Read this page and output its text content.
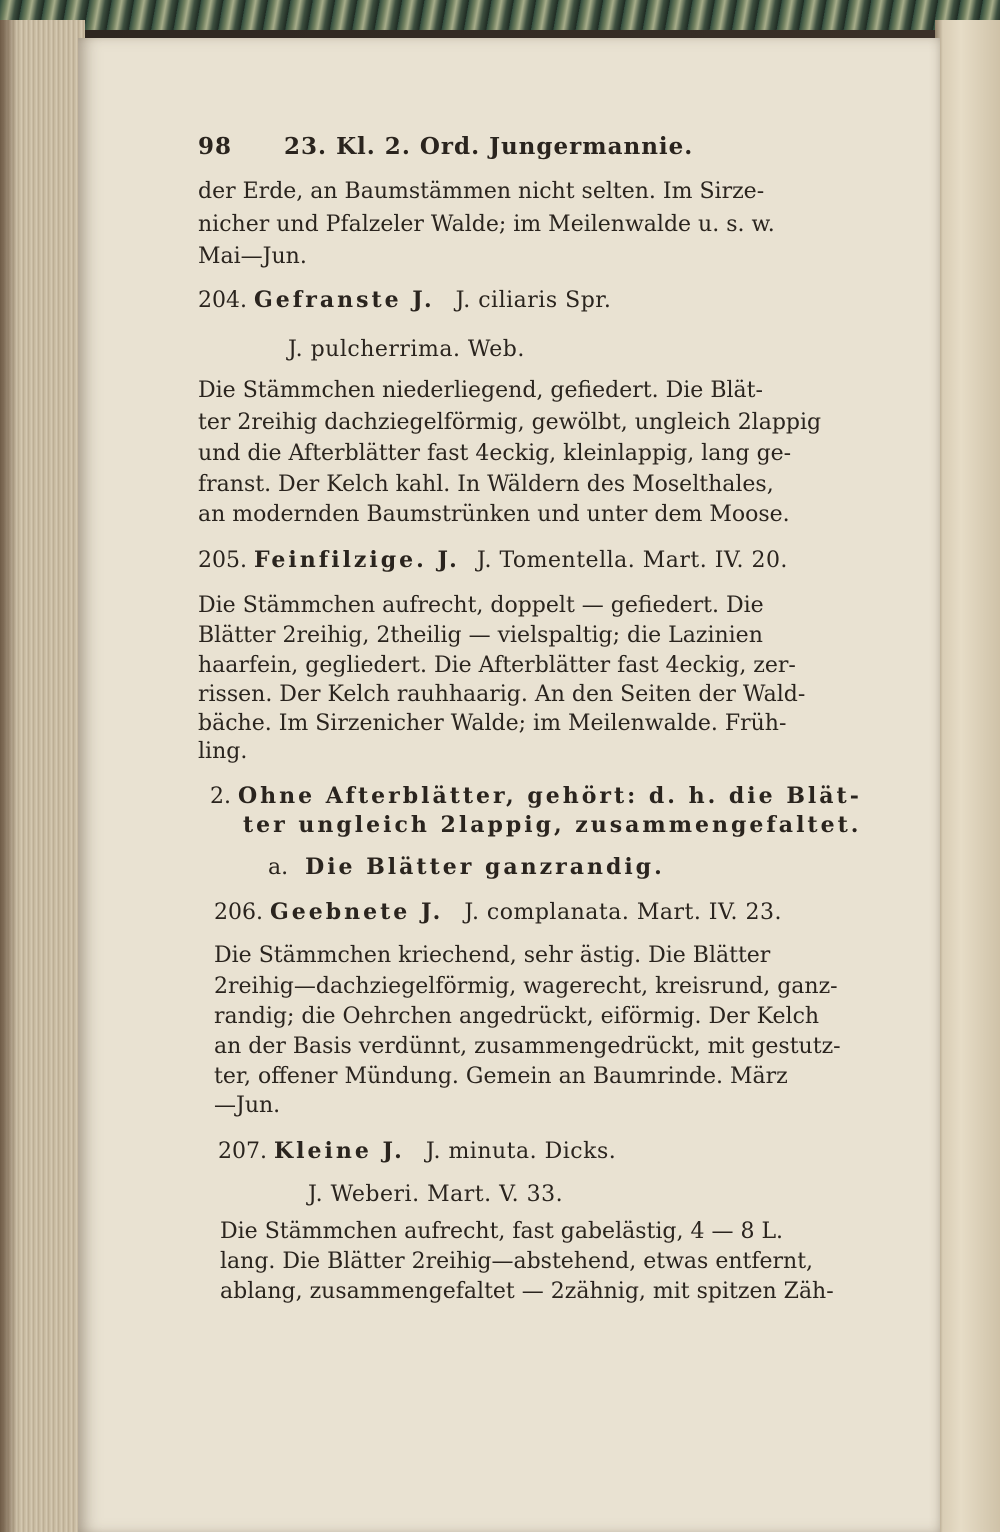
98 23. Kl. 2. Ord. Jungermannie.
der Erde, an Baumstämmen nicht selten. Im Sirze-
nicher und Pfalzeler Walde; im Meilenwalde u. s. w.
Mai—Jun.
204. Gefranste J. J. ciliaris Spr.
J. pulcherrima. Web.
Die Stämmchen niederliegend, gefiedert. Die Blät-
ter 2reihig dachziegelförmig, gewölbt, ungleich 2lappig
und die Afterblätter fast 4eckig, kleinlappig, lang ge-
franst. Der Kelch kahl. In Wäldern des Moselthales,
an modernden Baumstrünken und unter dem Moose.
205. Feinfilzige. J. J. Tomentella. Mart. IV. 20.
Die Stämmchen aufrecht, doppelt — gefiedert. Die
Blätter 2reihig, 2theilig — vielspaltig; die Lazinien
haarfein, gegliedert. Die Afterblätter fast 4eckig, zer-
rissen. Der Kelch rauhhaarig. An den Seiten der Wald-
bäche. Im Sirzenicher Walde; im Meilenwalde. Früh-
ling.
2. Ohne Afterblätter, gehört: d. h. die Blät-
ter ungleich 2lappig, zusammengefaltet.
a. Die Blätter ganzrandig.
206. Geebnete J. J. complanata. Mart. IV. 23.
Die Stämmchen kriechend, sehr ästig. Die Blätter
2reihig—dachziegelförmig, wagerecht, kreisrund, ganz-
randig; die Oehrchen angedrückt, eiförmig. Der Kelch
an der Basis verdünnt, zusammengedrückt, mit gestutz-
ter, offener Mündung. Gemein an Baumrinde. März
—Jun.
207. Kleine J. J. minuta. Dicks.
J. Weberi. Mart. V. 33.
Die Stämmchen aufrecht, fast gabelästig, 4 — 8 L.
lang. Die Blätter 2reihig—abstehend, etwas entfernt,
ablang, zusammengefaltet — 2zähnig, mit spitzen Zäh-
